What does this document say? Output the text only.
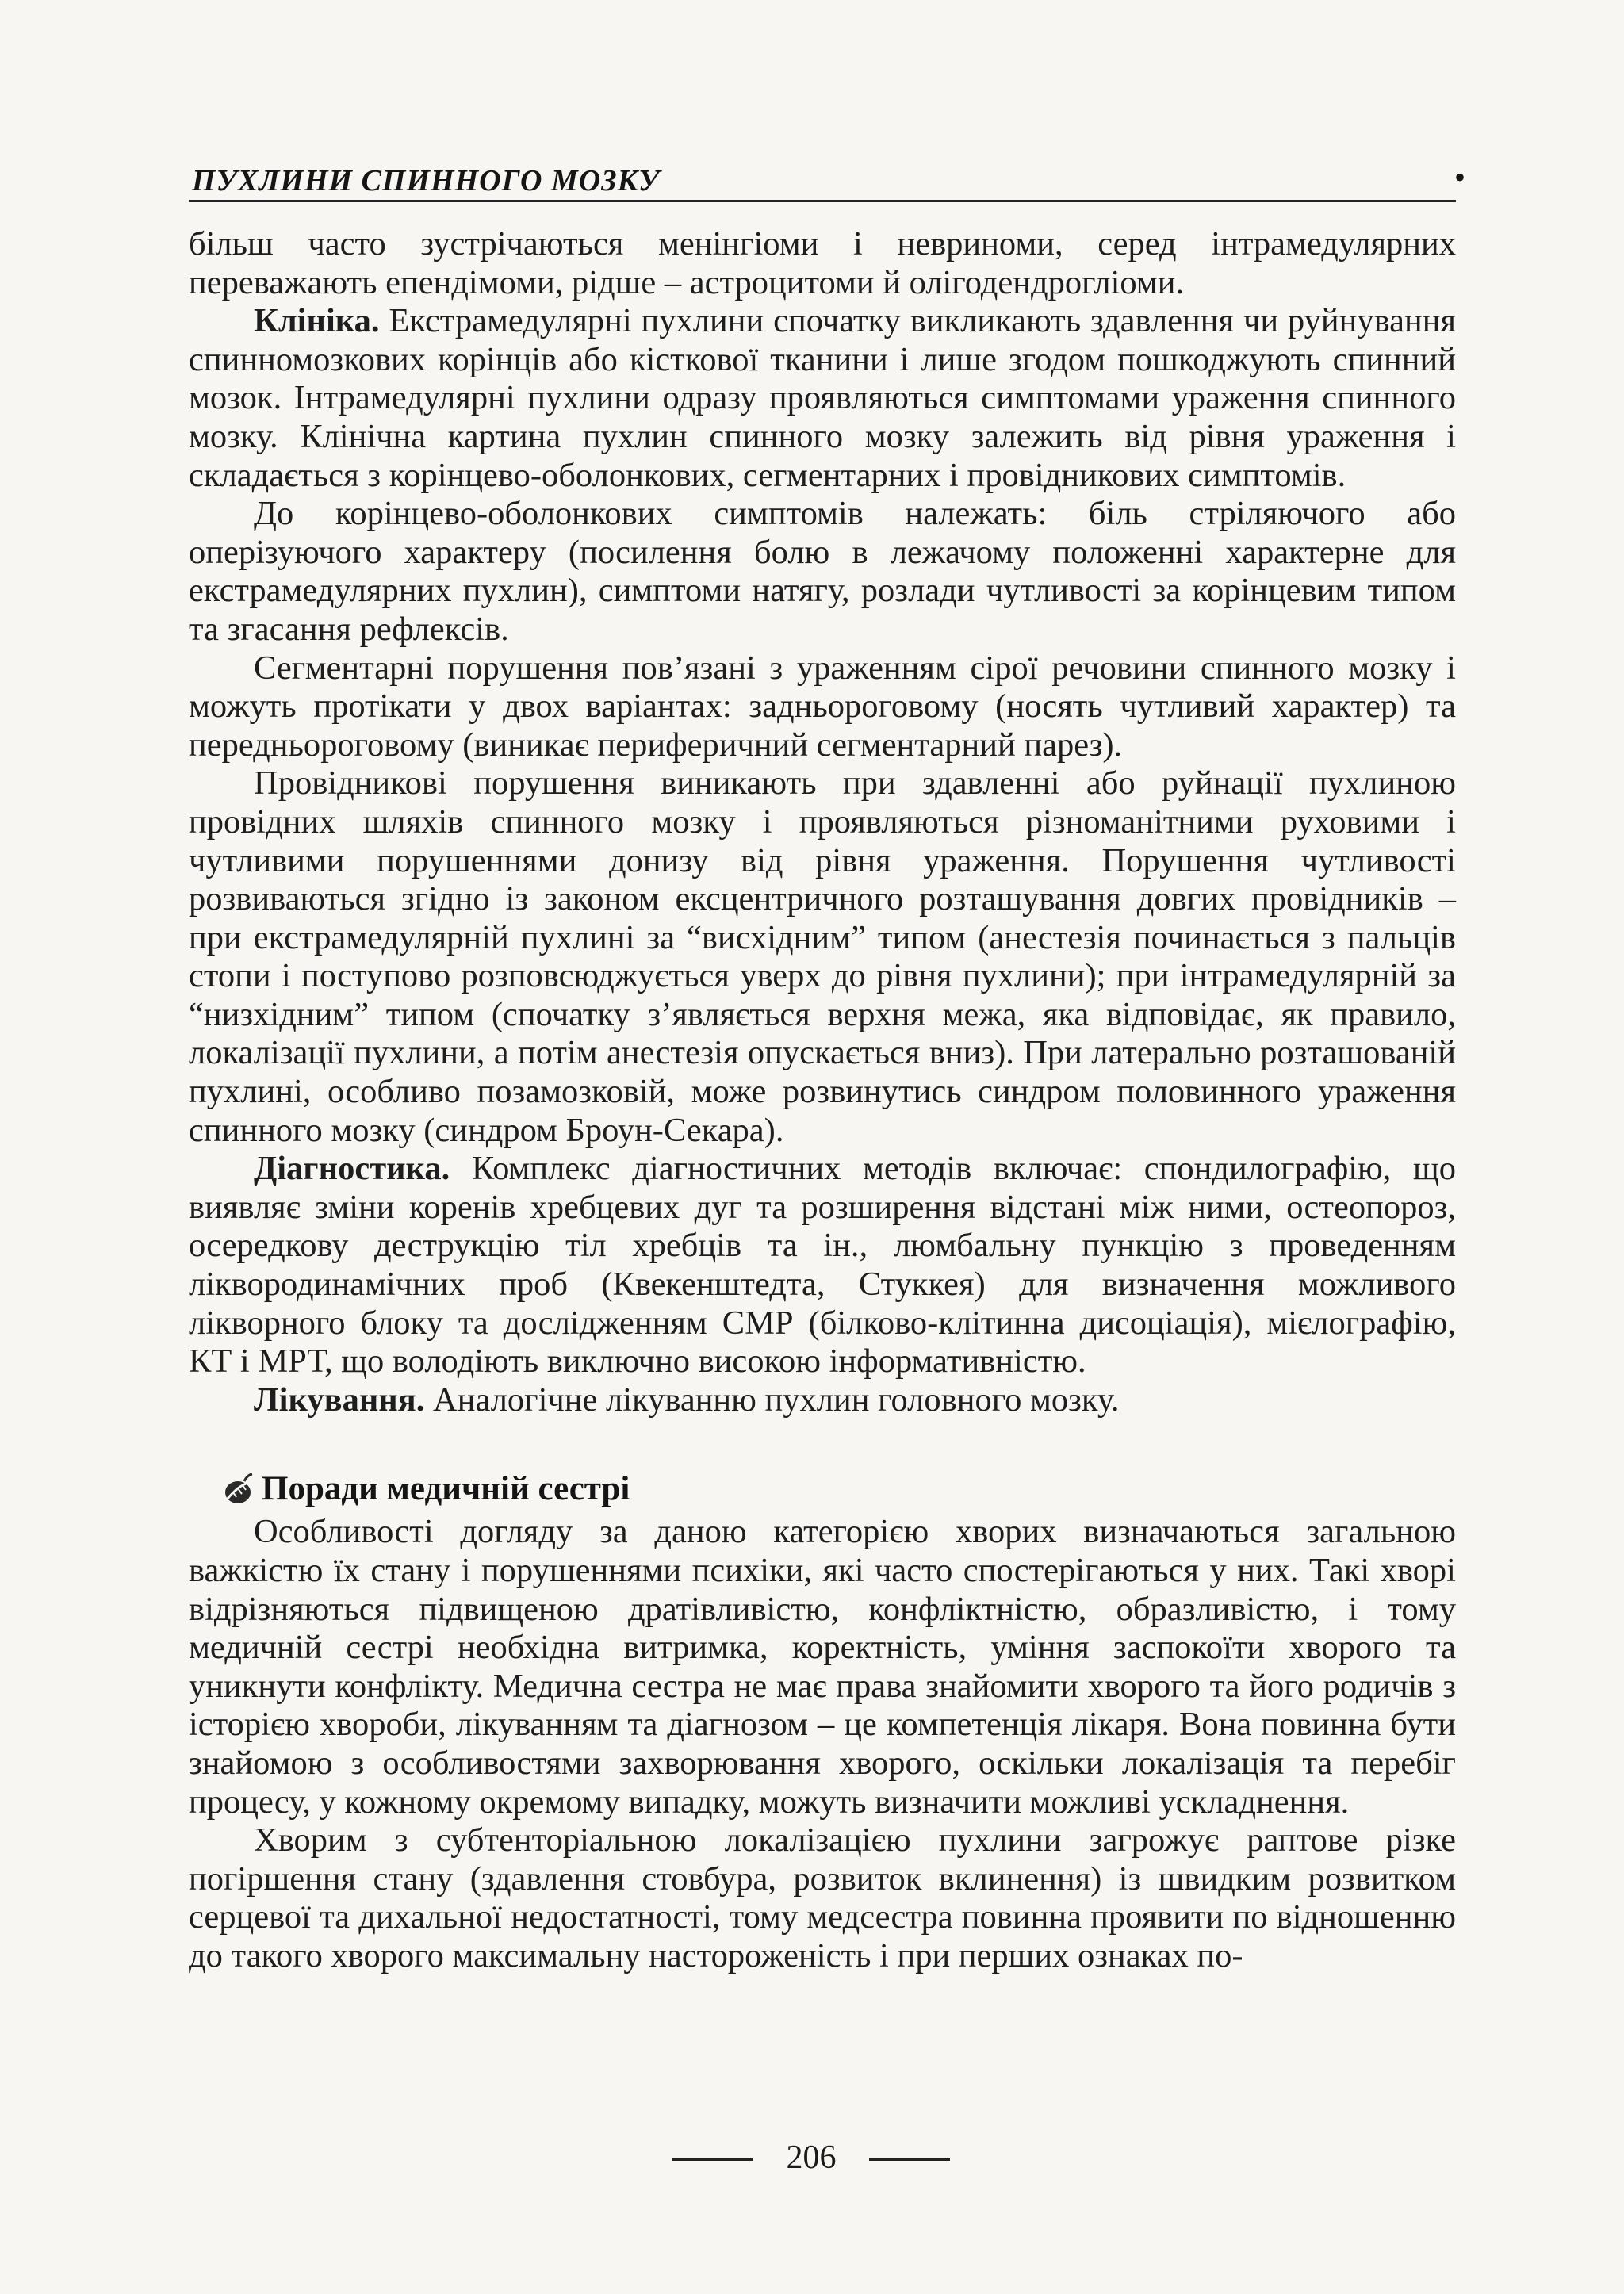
ПУХЛИНИ СПИННОГО МОЗКУ	•

більш часто зустрічаються менінгіоми і невриноми, серед інтрамедулярних переважають епендімоми, рідше – астроцитоми й олігодендрогліоми.

Клініка. Екстрамедулярні пухлини спочатку викликають здавлення чи руйнування спинномозкових корінців або кісткової тканини і лише згодом пошкоджують спинний мозок. Інтрамедулярні пухлини одразу проявляються симптомами ураження спинного мозку. Клінічна картина пухлин спинного мозку залежить від рівня ураження і складається з корінцево-оболонкових, сегментарних і провідникових симптомів.

До корінцево-оболонкових симптомів належать: біль стріляючого або оперізуючого характеру (посилення болю в лежачому положенні характерне для екстрамедулярних пухлин), симптоми натягу, розлади чутливості за корінцевим типом та згасання рефлексів.

Сегментарні порушення пов’язані з ураженням сірої речовини спинного мозку і можуть протікати у двох варіантах: задньороговому (носять чутливий характер) та передньороговому (виникає периферичний сегментарний парез).

Провідникові порушення виникають при здавленні або руйнації пухлиною провідних шляхів спинного мозку і проявляються різноманітними руховими і чутливими порушеннями донизу від рівня ураження. Порушення чутливості розвиваються згідно із законом ексцентричного розташування довгих провідників – при екстрамедулярній пухлині за “висхідним” типом (анестезія починається з пальців стопи і поступово розповсюджується уверх до рівня пухлини); при інтрамедулярній за “низхідним” типом (спочатку з’являється верхня межа, яка відповідає, як правило, локалізації пухлини, а потім анестезія опускається вниз). При латерально розташованій пухлині, особливо позамозковій, може розвинутись синдром половинного ураження спинного мозку (синдром Броун-Секара).

Діагностика. Комплекс діагностичних методів включає: спондилографію, що виявляє зміни коренів хребцевих дуг та розширення відстані між ними, остеопороз, осередкову деструкцію тіл хребців та ін., люмбальну пункцію з проведенням ліквородинамічних проб (Квекенштедта, Стуккея) для визначення можливого лікворного блоку та дослідженням СМР (білково-клітинна дисоціація), мієлографію, КТ і МРТ, що володіють виключно високою інформативністю.

Лікування. Аналогічне лікуванню пухлин головного мозку.

Поради медичній сестрі

Особливості догляду за даною категорією хворих визначаються загальною важкістю їх стану і порушеннями психіки, які часто спостерігаються у них. Такі хворі відрізняються підвищеною дратівливістю, конфліктністю, образливістю, і тому медичній сестрі необхідна витримка, коректність, уміння заспокоїти хворого та уникнути конфлікту. Медична сестра не має права знайомити хворого та його родичів з історією хвороби, лікуванням та діагнозом – це компетенція лікаря. Вона повинна бути знайомою з особливостями захворювання хворого, оскільки локалізація та перебіг процесу, у кожному окремому випадку, можуть визначити можливі ускладнення.

Хворим з субтенторіальною локалізацією пухлини загрожує раптове різке погіршення стану (здавлення стовбура, розвиток вклинення) із швидким розвитком серцевої та дихальної недостатності, тому медсестра повинна проявити по відношенню до такого хворого максимальну настороженість і при перших ознаках по-

206
